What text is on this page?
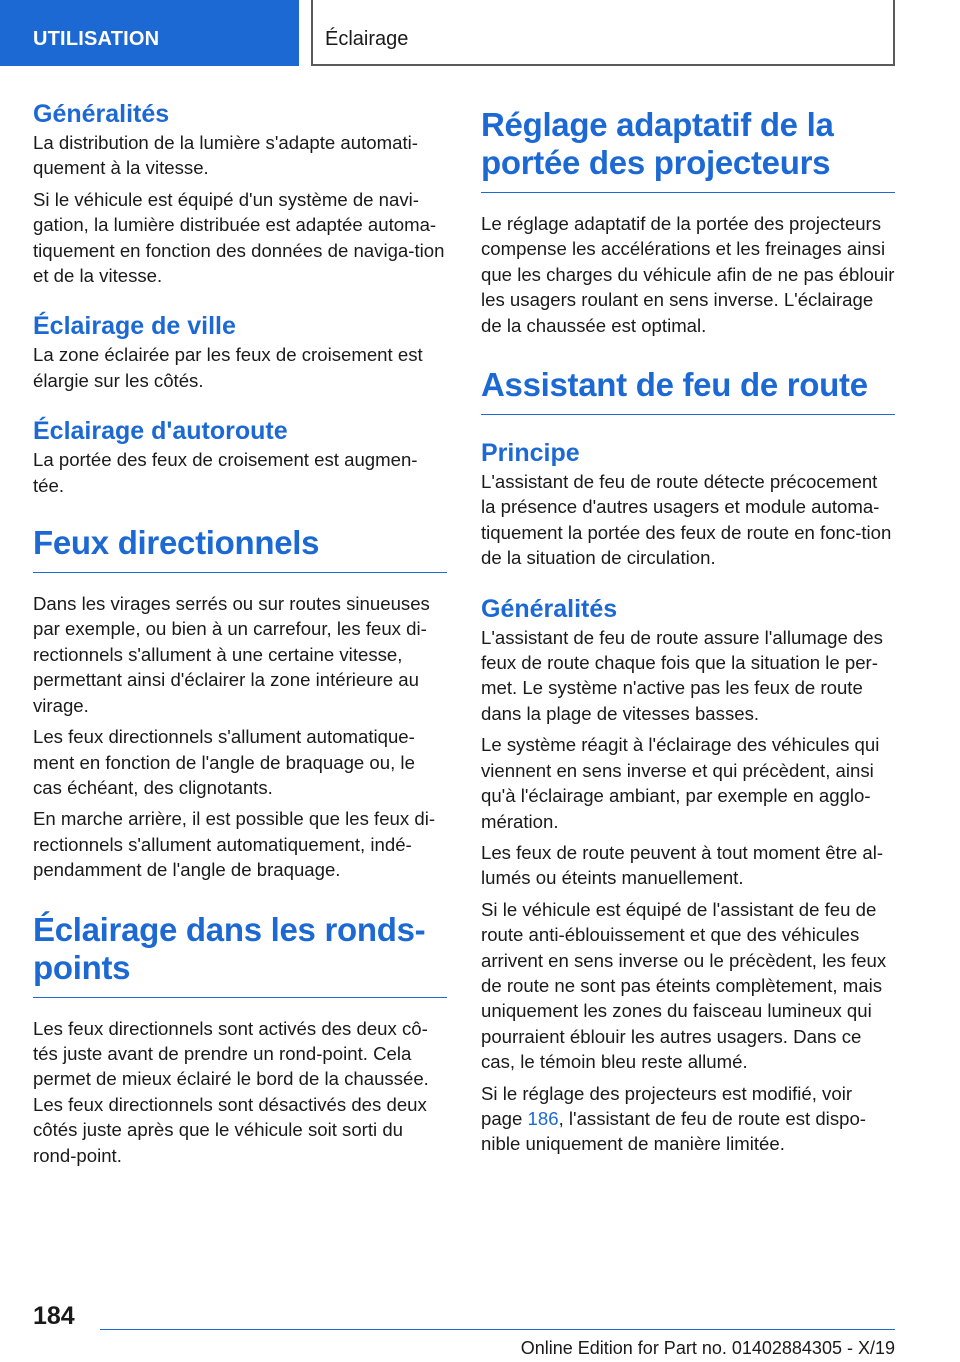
UTILISATION	Éclairage
Généralités

La distribution de la lumière s'adapte automati-quement à la vitesse.

Si le véhicule est équipé d'un système de navi-gation, la lumière distribuée est adaptée automa-tiquement en fonction des données de naviga-tion et de la vitesse.

Éclairage de ville

La zone éclairée par les feux de croisement est élargie sur les côtés.

Éclairage d'autoroute

La portée des feux de croisement est augmen-tée.

Feux directionnels

Dans les virages serrés ou sur routes sinueuses par exemple, ou bien à un carrefour, les feux di-rectionnels s'allument à une certaine vitesse, permettant ainsi d'éclairer la zone intérieure au virage.

Les feux directionnels s'allument automatique-ment en fonction de l'angle de braquage ou, le cas échéant, des clignotants.

En marche arrière, il est possible que les feux di-rectionnels s'allument automatiquement, indé-pendamment de l'angle de braquage.

Éclairage dans les ronds-points

Les feux directionnels sont activés des deux cô-tés juste avant de prendre un rond-point. Cela permet de mieux éclairé le bord de la chaussée. Les feux directionnels sont désactivés des deux côtés juste après que le véhicule soit sorti du rond-point.

Réglage adaptatif de la portée des projecteurs

Le réglage adaptatif de la portée des projecteurs compense les accélérations et les freinages ainsi que les charges du véhicule afin de ne pas éblouir les usagers roulant en sens inverse. L'éclairage de la chaussée est optimal.

Assistant de feu de route
Principe

L'assistant de feu de route détecte précocement la présence d'autres usagers et module automa-tiquement la portée des feux de route en fonc-tion de la situation de circulation.

Généralités

L'assistant de feu de route assure l'allumage des feux de route chaque fois que la situation le per-met. Le système n'active pas les feux de route dans la plage de vitesses basses.

Le système réagit à l'éclairage des véhicules qui viennent en sens inverse et qui précèdent, ainsi qu'à l'éclairage ambiant, par exemple en agglo-mération.

Les feux de route peuvent à tout moment être al-lumés ou éteints manuellement.

Si le véhicule est équipé de l'assistant de feu de route anti-éblouissement et que des véhicules arrivent en sens inverse ou le précèdent, les feux de route ne sont pas éteints complètement, mais uniquement les zones du faisceau lumineux qui pourraient éblouir les autres usagers. Dans ce cas, le témoin bleu reste allumé.

Si le réglage des projecteurs est modifié, voir page 186, l'assistant de feu de route est dispo-nible uniquement de manière limitée.

184
Online Edition for Part no. 01402884305 - X/19
